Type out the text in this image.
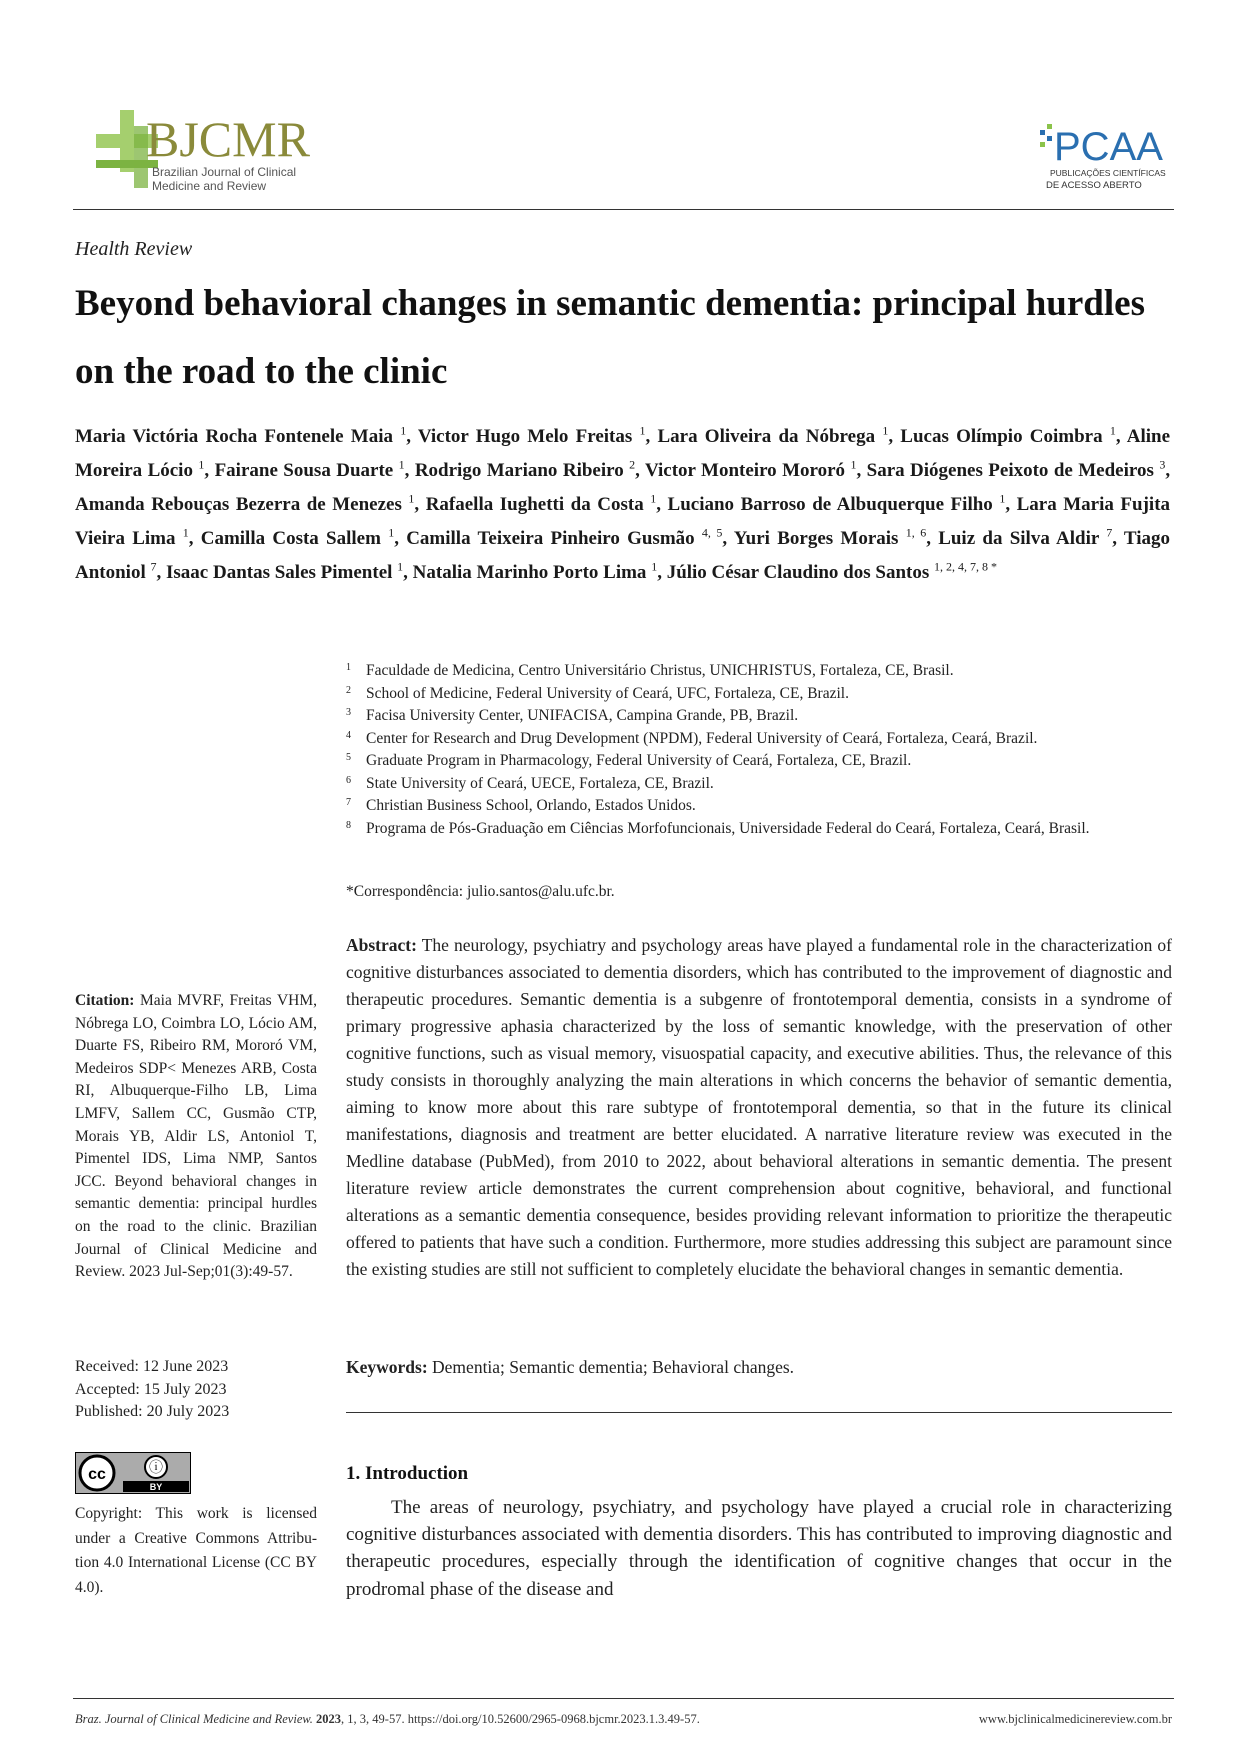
BJCMR
Brazilian Journal of Clinical
Medicine and Review
PCAA
PUBLICAÇÕES CIENTÍFICAS
DE ACESSO ABERTO
Health Review
Beyond behavioral changes in semantic dementia: principal hurdles on the road to the clinic
Maria Victória Rocha Fontenele Maia $^1$, Victor Hugo Melo Freitas $^1$, Lara Oliveira da Nóbrega $^1$, Lucas Olímpio Coimbra $^1$, Aline Moreira Lócio $^1$, Fairane Sousa Duarte $^1$, Rodrigo Mariano Ribeiro $^2$, Victor Monteiro Mororó $^1$, Sara Diógenes Peixoto de Medeiros $^3$, Amanda Rebouças Bezerra de Menezes $^1$, Rafaella Iughetti da Costa $^1$, Luciano Barroso de Albuquerque Filho $^1$, Lara Maria Fujita Vieira Lima $^1$, Camilla Costa Sallem $^1$, Camilla Teixeira Pinheiro Gusmão $^{4, 5}$, Yuri Borges Morais $^{1, 6}$, Luiz da Silva Aldir $^7$, Tiago Antoniol $^7$, Isaac Dantas Sales Pimentel $^1$, Natalia Marinho Porto Lima $^1$, Júlio César Claudino dos Santos $^{1, 2, 4, 7, 8 *}$
1 Faculdade de Medicina, Centro Universitário Christus, UNICHRISTUS, Fortaleza, CE, Brasil.
2 School of Medicine, Federal University of Ceará, UFC, Fortaleza, CE, Brazil.
3 Facisa University Center, UNIFACISA, Campina Grande, PB, Brazil.
4 Center for Research and Drug Development (NPDM), Federal University of Ceará, Fortaleza, Ceará, Brazil.
5 Graduate Program in Pharmacology, Federal University of Ceará, Fortaleza, CE, Brazil.
6 State University of Ceará, UECE, Fortaleza, CE, Brazil.
7 Christian Business School, Orlando, Estados Unidos.
8 Programa de Pós-Graduação em Ciências Morfofuncionais, Universidade Federal do Ceará, Fortaleza, Ceará, Brasil.
*Correspondência: julio.santos@alu.ufc.br.
Abstract: The neurology, psychiatry and psychology areas have played a fundamental role in the characterization of cognitive disturbances associated to dementia disorders, which has contributed to the improvement of diagnostic and therapeutic procedures. Semantic dementia is a subgenre of frontotemporal dementia, consists in a syndrome of primary progressive aphasia characterized by the loss of semantic knowledge, with the preservation of other cognitive functions, such as visual memory, visuospatial capacity, and executive abilities. Thus, the relevance of this study consists in thoroughly analyzing the main alterations in which concerns the behavior of semantic dementia, aiming to know more about this rare subtype of frontotemporal dementia, so that in the future its clinical manifestations, diagnosis and treatment are better elucidated. A narrative literature review was executed in the Medline database (PubMed), from 2010 to 2022, about behavioral alterations in semantic dementia. The present literature review article demonstrates the current comprehension about cognitive, behavioral, and functional alterations as a semantic dementia consequence, besides providing relevant information to prioritize the therapeutic offered to patients that have such a condition. Furthermore, more studies addressing this subject are paramount since the existing studies are still not sufficient to completely elucidate the behavioral changes in semantic dementia.
Keywords: Dementia; Semantic dementia; Behavioral changes.
Citation: Maia MVRF, Freitas VHM, Nóbrega LO, Coimbra LO, Lócio AM, Duarte FS, Ribeiro RM, Mororó VM, Medeiros SDP< Menezes ARB, Costa RI, Albuquerque-Filho LB, Lima LMFV, Sallem CC, Gusmão CTP, Morais YB, Aldir LS, Antoniol T, Pimentel IDS, Lima NMP, Santos JCC. Beyond behavioral changes in semantic dementia: principal hurdles on the road to the clinic. Brazilian Journal of Clinical Medicine and Review. 2023 Jul-Sep;01(3):49-57.
Received: 12 June 2023
Accepted: 15 July 2023
Published: 20 July 2023
cc	ⓘ
BY
Copyright: This work is licensed under a Creative Commons Attribu-tion 4.0 International License (CC BY 4.0).
1. Introduction
The areas of neurology, psychiatry, and psychology have played a crucial role in characterizing cognitive disturbances associated with dementia disorders. This has contributed to improving diagnostic and therapeutic procedures, especially through the identification of cognitive changes that occur in the prodromal phase of the disease and
Braz. Journal of Clinical Medicine and Review. 2023, 1, 3, 49-57. https://doi.org/10.52600/2965-0968.bjcmr.2023.1.3.49-57.	www.bjclinicalmedicinereview.com.br
